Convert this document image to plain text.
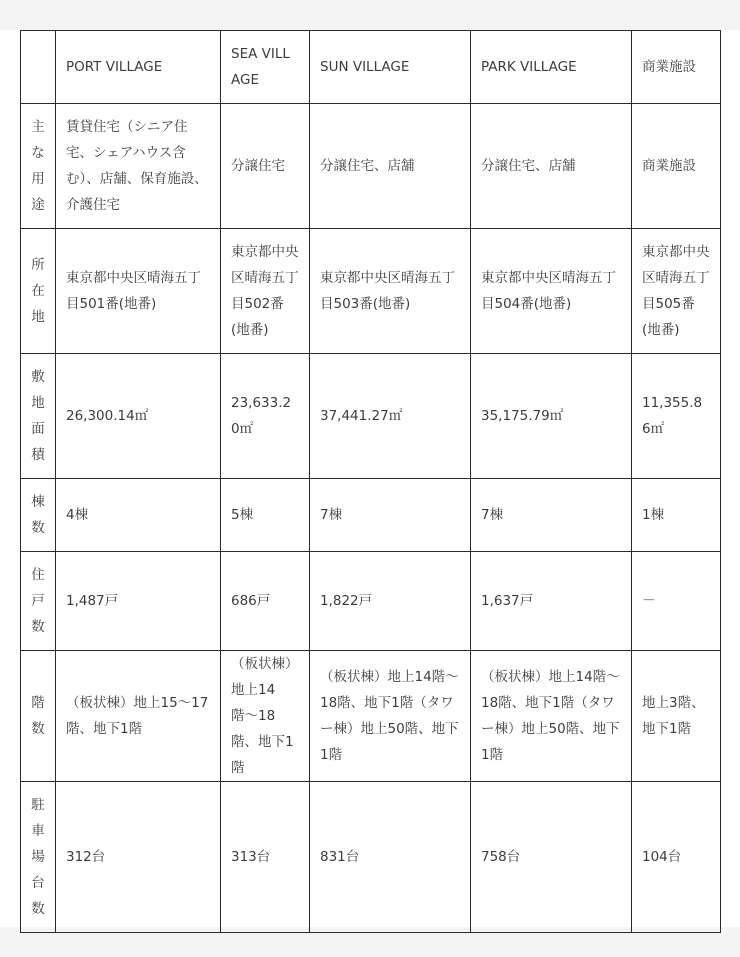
	PORT VILLAGE	SEA VILLAGE	SUN VILLAGE	PARK VILLAGE	商業施設

主な用途	賃貸住宅（シニア住宅、シェアハウス含む）、店舗、保育施設、介護住宅	分譲住宅	分譲住宅、店舗	分譲住宅、店舗	商業施設

所在地	東京都中央区晴海五丁目501番(地番)	東京都中央区晴海五丁目502番(地番)	東京都中央区晴海五丁目503番(地番)	東京都中央区晴海五丁目504番(地番)	東京都中央区晴海五丁目505番(地番)

敷地面積	26,300.14㎡	23,633.20㎡	37,441.27㎡	35,175.79㎡	11,355.86㎡

棟数	4棟	5棟	7棟	7棟	1棟

住戸数	1,487戸	686戸	1,822戸	1,637戸	－

階数	（板状棟）地上15〜17階、地下1階	（板状棟）地上14階〜18階、地下1階	（板状棟）地上14階〜18階、地下1階（タワー棟）地上50階、地下1階	（板状棟）地上14階〜18階、地下1階（タワー棟）地上50階、地下1階	地上3階、地下1階

駐車場台数	312台	313台	831台	758台	104台
